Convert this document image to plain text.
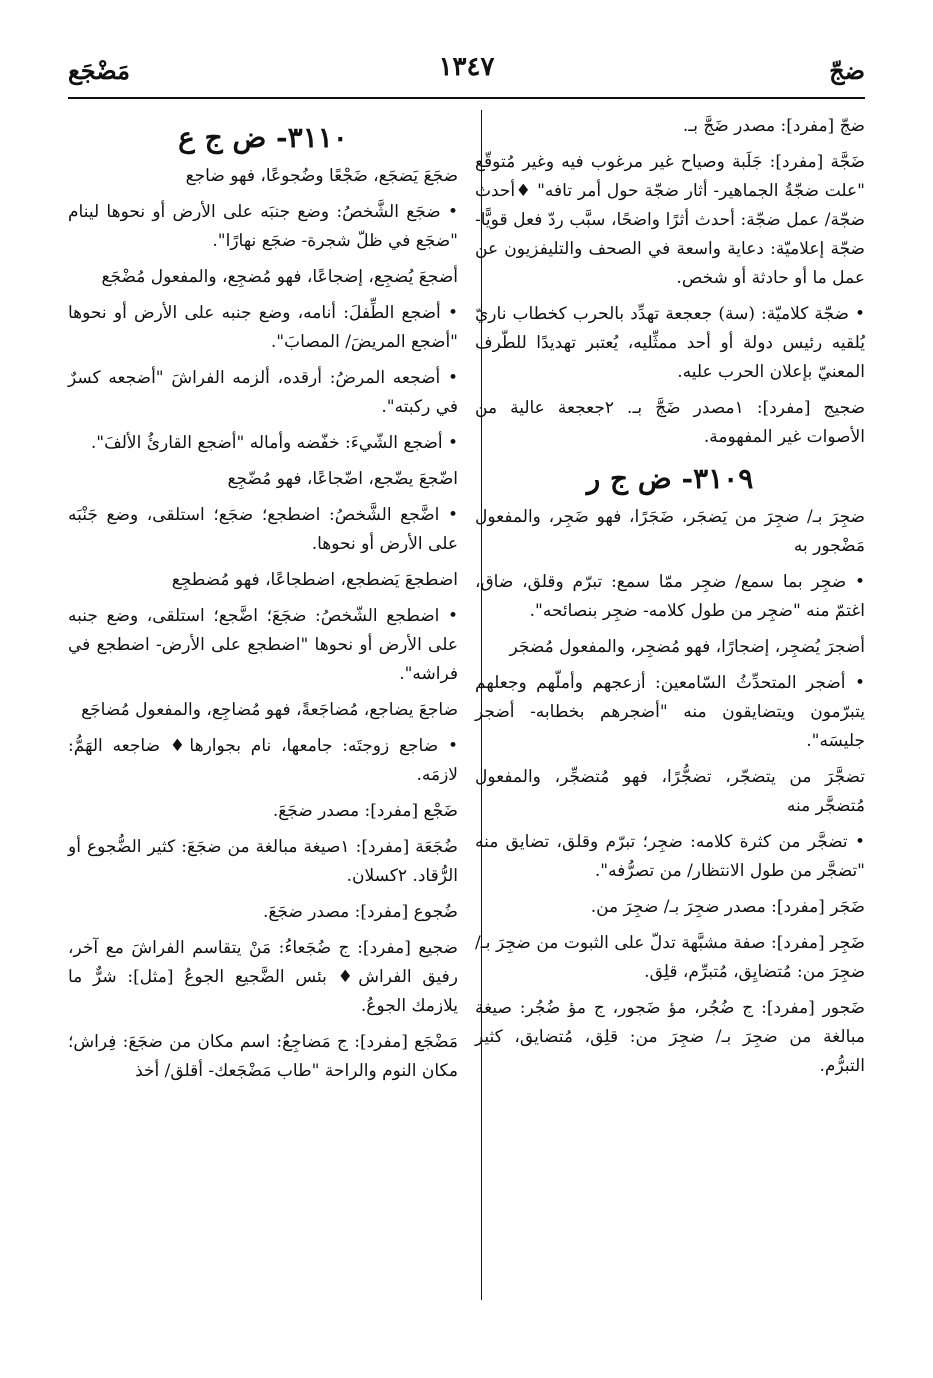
ضجّ
١٣٤٧
مَضْجَع

ضجّ [مفرد]: مصدر ضَجَّ بـ.

ضَجَّة [مفرد]: جَلَبة وصياح غير مرغوب فيه وغير مُتوقّع "علت ضجّةُ الجماهير- أثار ضجّة حول أمر تافه" ♦أحدث ضجّة/ عمل ضجّة: أحدث أثرًا واضحًا، سبَّب ردّ فعل قويًّا- ضجّة إعلاميّة: دعاية واسعة في الصحف والتليفزيون عن عمل ما أو حادثة أو شخص.

• ضجّة كلاميّة: (سة) جعجعة تهدِّد بالحرب كخطاب ناريّ يُلقيه رئيس دولة أو أحد ممثِّليه، يُعتبر تهديدًا للطّرف المعنيّ بإعلان الحرب عليه.

ضجيج [مفرد]: ١مصدر ضَجَّ بـ. ٢جعجعة عالية من الأصوات غير المفهومة.

٣١٠٩- ض ج ر

ضجِرَ بـ/ ضجِرَ من يَضجَر، ضَجَرًا، فهو ضَجِر، والمفعول مَضْجور به

• ضجِر بما سمع/ ضجِر ممّا سمع: تبرّم وقلق، ضاق، اغتمّ منه "ضجِر من طول كلامه- ضجِر بنصائحه".

أضجرَ يُضجِر، إضجارًا، فهو مُضجِر، والمفعول مُضجَر

• أضجر المتحدِّثُ السّامعين: أزعجهم وأملّهم وجعلهم يتبرّمون ويتضايقون منه "أضجرهم بخطابه- أضجر جليسَه".

تضجَّرَ من يتضجّر، تضجُّرًا، فهو مُتضجِّر، والمفعول مُتضجَّر منه

• تضجَّر من كثرة كلامه: ضجِر؛ تبرّم وقلق، تضايق منه "تضجَّر من طول الانتظار/ من تصرُّفه".

ضَجَر [مفرد]: مصدر ضجِرَ بـ/ ضجِرَ من.

ضَجِر [مفرد]: صفة مشبَّهة تدلّ على الثبوت من ضجِرَ بـ/ ضجِرَ من: مُتضايِق، مُتبرِّم، قلِق.

ضَجور [مفرد]: ج ضُجُر، مؤ ضَجور، ج مؤ ضُجُر: صيغة مبالغة من ضجِرَ بـ/ ضجِرَ من: قلِق، مُتضايق، كثير التبرُّم.

٣١١٠- ض ج ع

ضجَعَ يَضجَع، ضَجْعًا وضُجوعًا، فهو ضاجع

• ضجَع الشَّخصُ: وضع جنبَه على الأرض أو نحوها لينام "ضجَع في ظلّ شجرة- ضجَع نهارًا".

أضجعَ يُضجِع، إضجاعًا، فهو مُضجِع، والمفعول مُضْجَع

• أضجع الطِّفلَ: أنامه، وضع جنبه على الأرض أو نحوها "أضجع المريضَ/ المصابَ".

• أضجعه المرضُ: أرقده، ألزمه الفراشَ "أضجعه كسرٌ في ركبته".

• أضجع الشّيءَ: خفّضه وأماله "أضجع القارئُ الألفَ".

اضّجعَ يضّجع، اضّجاعًا، فهو مُضّجِع

• اضَّجع الشَّخصُ: اضطجع؛ ضجَع؛ استلقى، وضع جَنْبَه على الأرض أو نحوها.

اضطجعَ يَضطجع، اضطجاعًا، فهو مُضطجِع

• اضطجع الشّخصُ: ضجَعَ؛ اضَّجع؛ استلقى، وضع جنبه على الأرض أو نحوها "اضطجع على الأرض- اضطجع في فراشه".

ضاجعَ يضاجع، مُضاجَعةً، فهو مُضاجِع، والمفعول مُضاجَع

• ضاجع زوجتَه: جامعها، نام بجوارها♦ ضاجعه الهَمُّ: لازمَه.

ضَجْع [مفرد]: مصدر ضجَعَ.

ضُجَعَة [مفرد]: ١صيغة مبالغة من ضجَعَ: كثير الضُّجوع أو الرُّقاد. ٢كسلان.

ضُجوع [مفرد]: مصدر ضجَعَ.

ضجيع [مفرد]: ج ضُجَعاءُ: مَنْ يتقاسم الفراشَ مع آخر، رفيق الفراش♦ بئس الضَّجيع الجوعُ [مثل]: شرٌّ ما يلازمك الجوعُ.

مَضْجَع [مفرد]: ج مَضاجِعُ: اسم مكان من ضجَعَ: فِراش؛ مكان النوم والراحة "طاب مَضْجَعك- أقلق/ أخذ
